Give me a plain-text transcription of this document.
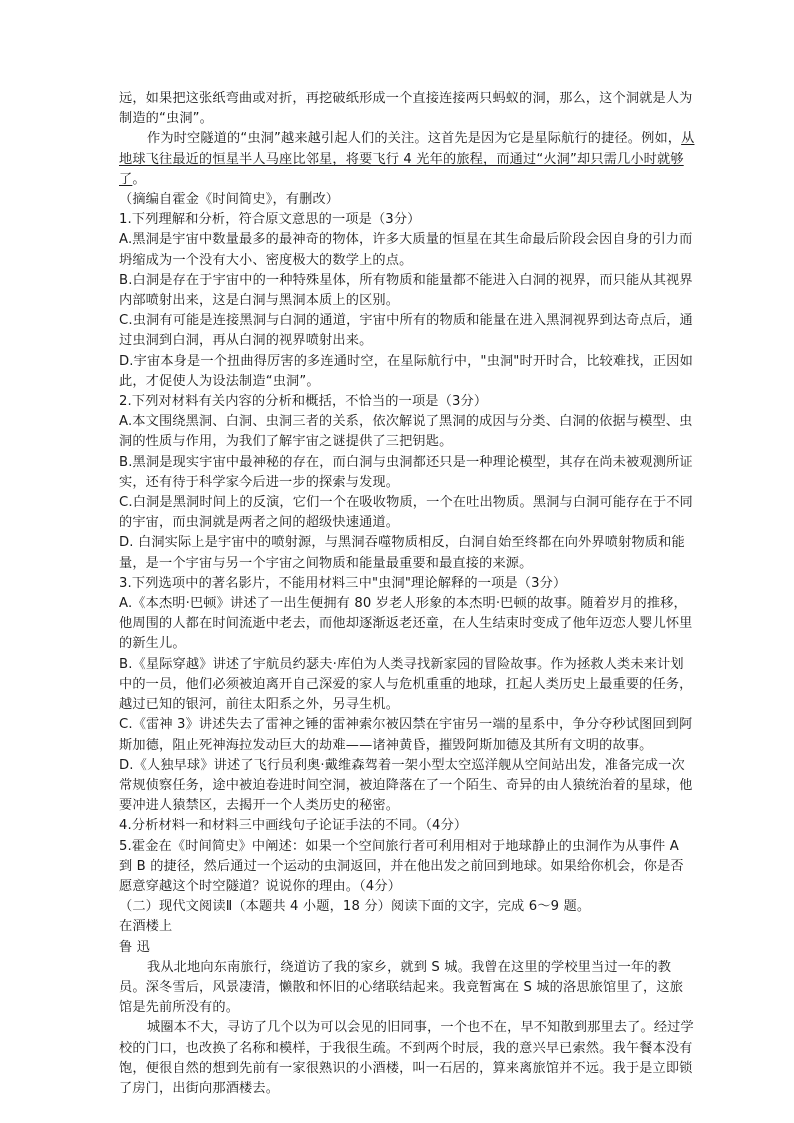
远，如果把这张纸弯曲或对折，再挖破纸形成一个直接连接两只蚂蚁的洞，那么，这个洞就是人为制造的“虫洞”。

作为时空隧道的“虫洞”越来越引起人们的关注。这首先是因为它是星际航行的捷径。例如，从地球飞往最近的恒星半人马座比邻星，将要飞行 4 光年的旅程，而通过“火洞”却只需几小时就够了。

（摘编自霍金《时间简史》，有删改）

1.下列理解和分析，符合原文意思的一项是（3分）

A.黑洞是宇宙中数量最多的最神奇的物体，许多大质量的恒星在其生命最后阶段会因自身的引力而坍缩成为一个没有大小、密度极大的数学上的点。

B.白洞是存在于宇宙中的一种特殊星体，所有物质和能量都不能进入白洞的视界，而只能从其视界内部喷射出来，这是白洞与黑洞本质上的区别。

C.虫洞有可能是连接黑洞与白洞的通道，宇宙中所有的物质和能量在进入黑洞视界到达奇点后，通过虫洞到白洞，再从白洞的视界喷射出来。

D.宇宙本身是一个扭曲得厉害的多连通时空，在星际航行中，"虫洞"时开时合，比较难找，正因如此，才促使人为设法制造“虫洞”。

2.下列对材料有关内容的分析和概括，不恰当的一项是（3分）

A.本文围绕黑洞、白洞、虫洞三者的关系，依次解说了黑洞的成因与分类、白洞的依据与模型、虫洞的性质与作用，为我们了解宇宙之谜提供了三把钥匙。

B.黑洞是现实宇宙中最神秘的存在，而白洞与虫洞都还只是一种理论模型，其存在尚未被观测所证实，还有待于科学家今后进一步的探索与发现。

C.白洞是黑洞时间上的反演，它们一个在吸收物质，一个在吐出物质。黑洞与白洞可能存在于不同的宇宙，而虫洞就是两者之间的超级快速通道。

D. 白洞实际上是宇宙中的喷射源，与黑洞吞噬物质相反，白洞自始至终都在向外界喷射物质和能量，是一个宇宙与另一个宇宙之间物质和能量最重要和最直接的来源。

3.下列选项中的著名影片，不能用材料三中"虫洞"理论解释的一项是（3分）

A.《本杰明·巴顿》讲述了一出生便拥有 80 岁老人形象的本杰明·巴顿的故事。随着岁月的推移，他周围的人都在时间流逝中老去，而他却逐渐返老还童，在人生结束时变成了他年迈恋人婴儿怀里的新生儿。

B.《星际穿越》讲述了宇航员约瑟夫·库伯为人类寻找新家园的冒险故事。作为拯救人类未来计划中的一员，他们必须被迫离开自己深爱的家人与危机重重的地球，扛起人类历史上最重要的任务，越过已知的银河，前往太阳系之外，另寻生机。

C.《雷神 3》讲述失去了雷神之锤的雷神索尔被囚禁在宇宙另一端的星系中，争分夺秒试图回到阿斯加德，阻止死神海拉发动巨大的劫难——诸神黄昏，摧毁阿斯加德及其所有文明的故事。

D.《人独早球》讲述了飞行员利奥·戴维森驾着一架小型太空巡洋舰从空间站出发，准备完成一次常规侦察任务，途中被迫卷进时间空洞，被迫降落在了一个陌生、奇异的由人猿统治着的星球，他要冲进人猿禁区，去揭开一个人类历史的秘密。

4.分析材料一和材料三中画线句子论证手法的不同。（4分）

5.霍金在《时间简史》中阐述：如果一个空间旅行者可利用相对于地球静止的虫洞作为从事件 A 到 B 的捷径，然后通过一个运动的虫洞返回，并在他出发之前回到地球。如果给你机会，你是否愿意穿越这个时空隧道？说说你的理由。（4分）

（二）现代文阅读Ⅱ（本题共 4 小题，18 分）阅读下面的文字，完成 6～9 题。

在酒楼上

鲁 迅

我从北地向东南旅行，绕道访了我的家乡，就到 S 城。我曾在这里的学校里当过一年的教员。深冬雪后，风景凄清，懒散和怀旧的心绪联结起来。我竟暂寓在 S 城的洛思旅馆里了，这旅馆是先前所没有的。

城圈本不大，寻访了几个以为可以会见的旧同事，一个也不在，早不知散到那里去了。经过学校的门口，也改换了名称和模样，于我很生疏。不到两个时辰，我的意兴早已索然。我午餐本没有饱，便很自然的想到先前有一家很熟识的小酒楼，叫一石居的，算来离旅馆并不远。我于是立即锁了房门，出街向那酒楼去。
